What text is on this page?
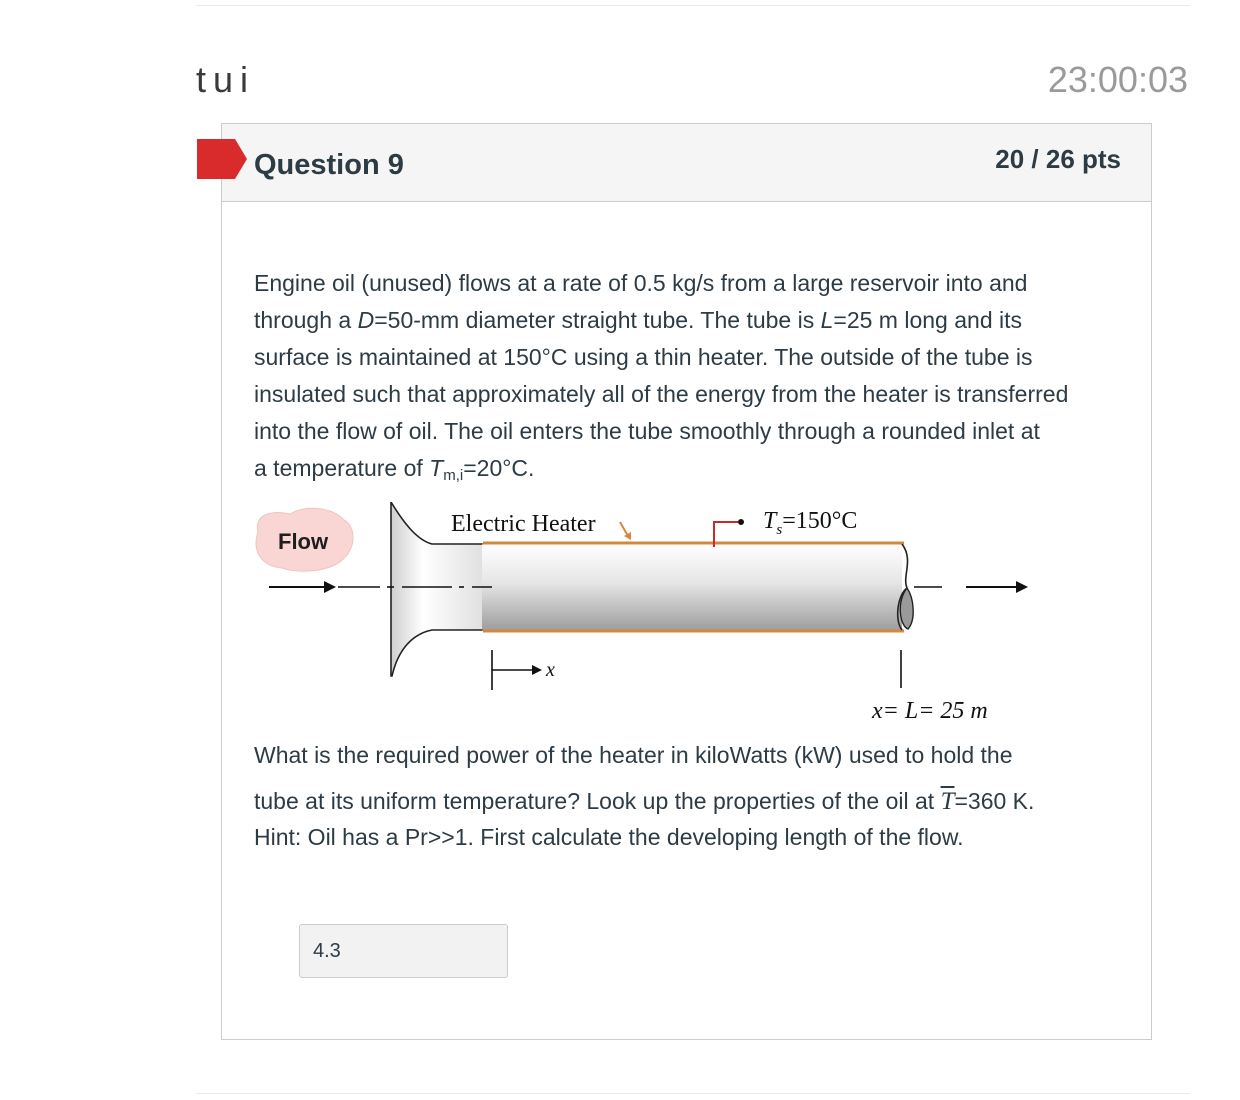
tui	23:00:03
Question 9	20 / 26 pts

Engine oil (unused) flows at a rate of 0.5 kg/s from a large reservoir into and

through a D=50-mm diameter straight tube. The tube is L=25 m long and its

surface is maintained at 150°C using a thin heater. The outside of the tube is

insulated such that approximately all of the energy from the heater is transferred

into the flow of oil. The oil enters the tube smoothly through a rounded inlet at

a temperature of $T_{m,i}=20^\circ C$.

Flow
Electric Heater	$T_s=150^\circ C$
x
x= L= 25 m
What is the required power of the heater in kiloWatts (kW) used to hold the
tube at its uniform temperature? Look up the properties of the oil at $\overline{T}=360$ K.
Hint: Oil has a Pr>>1. First calculate the developing length of the flow.
4.3
